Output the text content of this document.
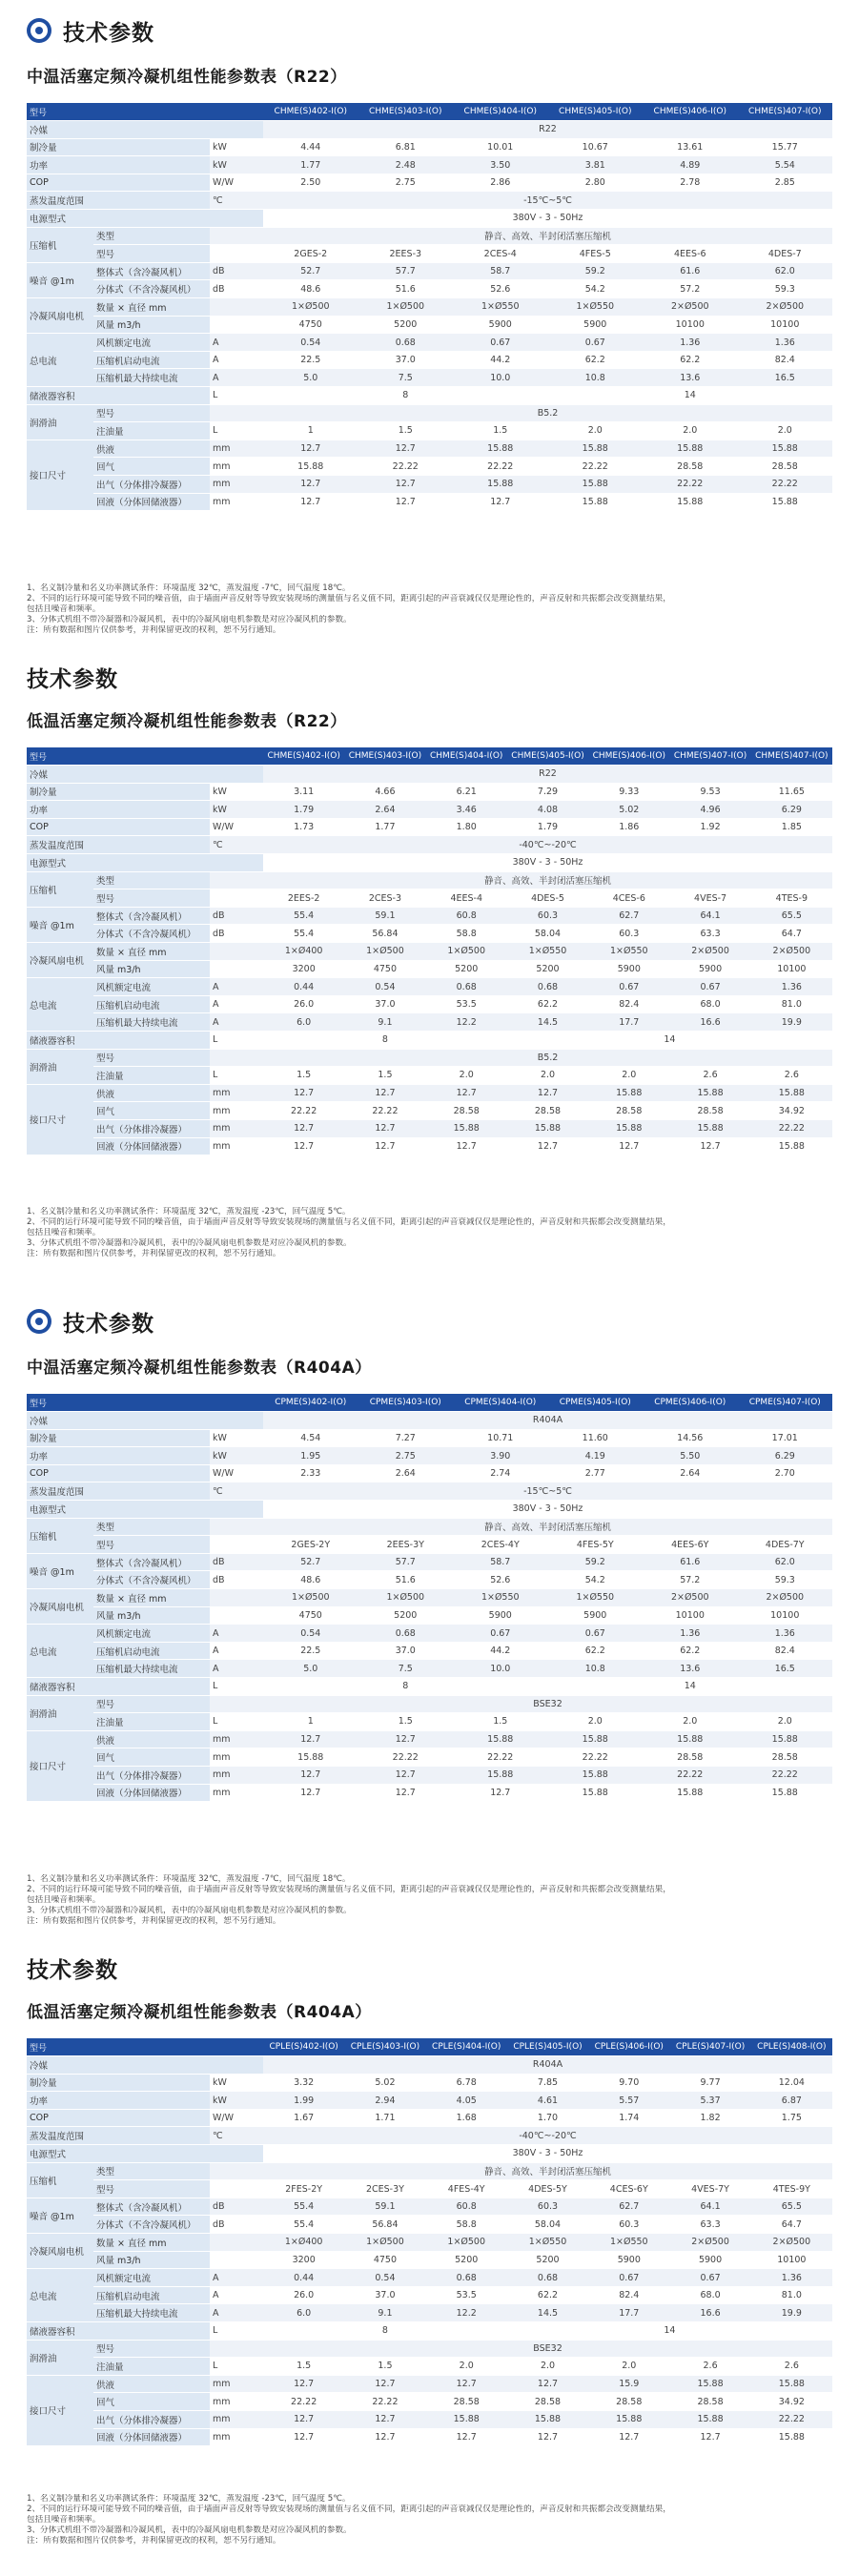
技术参数
中温活塞定频冷凝机组性能参数表（R22）
型号			CHME(S)402-I(O)	CHME(S)403-I(O)	CHME(S)404-I(O)	CHME(S)405-I(O)	CHME(S)406-I(O)	CHME(S)407-I(O)
冷媒			R22					
制冷量		kW	4.44	6.81	10.01	10.67	13.61	15.77
功率		kW	1.77	2.48	3.50	3.81	4.89	5.54
COP		W/W	2.50	2.75	2.86	2.80	2.78	2.85
蒸发温度范围		℃	-15℃~5℃					
电源型式			380V - 3 - 50Hz					
压缩机	类型		静音、高效、半封闭活塞压缩机					
	型号		2GES-2	2EES-3	2CES-4	4FES-5	4EES-6	4DES-7
噪音 @1m	整体式（含冷凝风机）	dB	52.7	57.7	58.7	59.2	61.6	62.0
	分体式（不含冷凝风机）	dB	48.6	51.6	52.6	54.2	57.2	59.3
冷凝风扇电机	数量 × 直径 mm		1×Ø500	1×Ø500	1×Ø550	1×Ø550	2×Ø500	2×Ø500
	风量 m3/h		4750	5200	5900	5900	10100	10100
总电流	风机额定电流	A	0.54	0.68	0.67	0.67	1.36	1.36
	压缩机启动电流	A	22.5	37.0	44.2	62.2	62.2	82.4
	压缩机最大持续电流	A	5.0	7.5	10.0	10.8	13.6	16.5
储液器容积		L	8			14		
润滑油	型号		B5.2					
	注油量	L	1	1.5	1.5	2.0	2.0	2.0
接口尺寸	供液	mm	12.7	12.7	15.88	15.88	15.88	15.88
	回气	mm	15.88	22.22	22.22	22.22	28.58	28.58
	出气（分体排冷凝器）	mm	12.7	12.7	15.88	15.88	22.22	22.22
	回液（分体回储液器）	mm	12.7	12.7	12.7	15.88	15.88	15.88
1、名义制冷量和名义功率测试条件：环境温度 32℃，蒸发温度 -7℃，回气温度 18℃。
2、不同的运行环境可能导致不同的噪音值，由于墙面声音反射等导致安装现场的测量值与名义值不同，距离引起的声音衰减仅仅是理论性的，声音反射和共振都会改变测量结果，
包括且噪音和频率。
3、分体式机组不带冷凝器和冷凝风机，表中的冷凝风扇电机参数是对应冷凝风机的参数。
注：所有数据和图片仅供参考，并利保留更改的权利，恕不另行通知。
技术参数
低温活塞定频冷凝机组性能参数表（R22）
型号			CHME(S)402-I(O)	CHME(S)403-I(O)	CHME(S)404-I(O)	CHME(S)405-I(O)	CHME(S)406-I(O)	CHME(S)407-I(O)	CHME(S)407-I(O)
冷媒			R22						
制冷量		kW	3.11	4.66	6.21	7.29	9.33	9.53	11.65
功率		kW	1.79	2.64	3.46	4.08	5.02	4.96	6.29
COP		W/W	1.73	1.77	1.80	1.79	1.86	1.92	1.85
蒸发温度范围		℃	-40℃~-20℃						
电源型式			380V - 3 - 50Hz						
压缩机	类型		静音、高效、半封闭活塞压缩机						
	型号		2EES-2	2CES-3	4EES-4	4DES-5	4CES-6	4VES-7	4TES-9
噪音 @1m	整体式（含冷凝风机）	dB	55.4	59.1	60.8	60.3	62.7	64.1	65.5
	分体式（不含冷凝风机）	dB	55.4	56.84	58.8	58.04	60.3	63.3	64.7
冷凝风扇电机	数量 × 直径 mm		1×Ø400	1×Ø500	1×Ø500	1×Ø550	1×Ø550	2×Ø500	2×Ø500
	风量 m3/h		3200	4750	5200	5200	5900	5900	10100
总电流	风机额定电流	A	0.44	0.54	0.68	0.68	0.67	0.67	1.36
	压缩机启动电流	A	26.0	37.0	53.5	62.2	82.4	68.0	81.0
	压缩机最大持续电流	A	6.0	9.1	12.2	14.5	17.7	16.6	19.9
储液器容积		L	8			14			
润滑油	型号		B5.2						
	注油量	L	1.5	1.5	2.0	2.0	2.0	2.6	2.6
接口尺寸	供液	mm	12.7	12.7	12.7	12.7	15.88	15.88	15.88
	回气	mm	22.22	22.22	28.58	28.58	28.58	28.58	34.92
	出气（分体排冷凝器）	mm	12.7	12.7	15.88	15.88	15.88	15.88	22.22
	回液（分体回储液器）	mm	12.7	12.7	12.7	12.7	12.7	12.7	15.88
1、名义制冷量和名义功率测试条件：环境温度 32℃，蒸发温度 -23℃，回气温度 5℃。
2、不同的运行环境可能导致不同的噪音值，由于墙面声音反射等导致安装现场的测量值与名义值不同，距离引起的声音衰减仅仅是理论性的，声音反射和共振都会改变测量结果，
包括且噪音和频率。
3、分体式机组不带冷凝器和冷凝风机，表中的冷凝风扇电机参数是对应冷凝风机的参数。
注：所有数据和图片仅供参考，并利保留更改的权利，恕不另行通知。
技术参数
中温活塞定频冷凝机组性能参数表（R404A）
型号			CPME(S)402-I(O)	CPME(S)403-I(O)	CPME(S)404-I(O)	CPME(S)405-I(O)	CPME(S)406-I(O)	CPME(S)407-I(O)
冷媒			R404A					
制冷量		kW	4.54	7.27	10.71	11.60	14.56	17.01
功率		kW	1.95	2.75	3.90	4.19	5.50	6.29
COP		W/W	2.33	2.64	2.74	2.77	2.64	2.70
蒸发温度范围		℃	-15℃~5℃					
电源型式			380V - 3 - 50Hz					
压缩机	类型		静音、高效、半封闭活塞压缩机					
	型号		2GES-2Y	2EES-3Y	2CES-4Y	4FES-5Y	4EES-6Y	4DES-7Y
噪音 @1m	整体式（含冷凝风机）	dB	52.7	57.7	58.7	59.2	61.6	62.0
	分体式（不含冷凝风机）	dB	48.6	51.6	52.6	54.2	57.2	59.3
冷凝风扇电机	数量 × 直径 mm		1×Ø500	1×Ø500	1×Ø550	1×Ø550	2×Ø500	2×Ø500
	风量 m3/h		4750	5200	5900	5900	10100	10100
总电流	风机额定电流	A	0.54	0.68	0.67	0.67	1.36	1.36
	压缩机启动电流	A	22.5	37.0	44.2	62.2	62.2	82.4
	压缩机最大持续电流	A	5.0	7.5	10.0	10.8	13.6	16.5
储液器容积		L	8			14		
润滑油	型号		BSE32					
	注油量	L	1	1.5	1.5	2.0	2.0	2.0
接口尺寸	供液	mm	12.7	12.7	15.88	15.88	15.88	15.88
	回气	mm	15.88	22.22	22.22	22.22	28.58	28.58
	出气（分体排冷凝器）	mm	12.7	12.7	15.88	15.88	22.22	22.22
	回液（分体回储液器）	mm	12.7	12.7	12.7	15.88	15.88	15.88
1、名义制冷量和名义功率测试条件：环境温度 32℃，蒸发温度 -7℃，回气温度 18℃。
2、不同的运行环境可能导致不同的噪音值，由于墙面声音反射等导致安装现场的测量值与名义值不同，距离引起的声音衰减仅仅是理论性的，声音反射和共振都会改变测量结果，
包括且噪音和频率。
3、分体式机组不带冷凝器和冷凝风机，表中的冷凝风扇电机参数是对应冷凝风机的参数。
注：所有数据和图片仅供参考，并利保留更改的权利，恕不另行通知。
技术参数
低温活塞定频冷凝机组性能参数表（R404A）
型号			CPLE(S)402-I(O)	CPLE(S)403-I(O)	CPLE(S)404-I(O)	CPLE(S)405-I(O)	CPLE(S)406-I(O)	CPLE(S)407-I(O)	CPLE(S)408-I(O)
冷媒			R404A						
制冷量		kW	3.32	5.02	6.78	7.85	9.70	9.77	12.04
功率		kW	1.99	2.94	4.05	4.61	5.57	5.37	6.87
COP		W/W	1.67	1.71	1.68	1.70	1.74	1.82	1.75
蒸发温度范围		℃	-40℃~-20℃						
电源型式			380V - 3 - 50Hz						
压缩机	类型		静音、高效、半封闭活塞压缩机						
	型号		2FES-2Y	2CES-3Y	4FES-4Y	4DES-5Y	4CES-6Y	4VES-7Y	4TES-9Y
噪音 @1m	整体式（含冷凝风机）	dB	55.4	59.1	60.8	60.3	62.7	64.1	65.5
	分体式（不含冷凝风机）	dB	55.4	56.84	58.8	58.04	60.3	63.3	64.7
冷凝风扇电机	数量 × 直径 mm		1×Ø400	1×Ø500	1×Ø500	1×Ø550	1×Ø550	2×Ø500	2×Ø500
	风量 m3/h		3200	4750	5200	5200	5900	5900	10100
总电流	风机额定电流	A	0.44	0.54	0.68	0.68	0.67	0.67	1.36
	压缩机启动电流	A	26.0	37.0	53.5	62.2	82.4	68.0	81.0
	压缩机最大持续电流	A	6.0	9.1	12.2	14.5	17.7	16.6	19.9
储液器容积		L	8			14			
润滑油	型号		BSE32						
	注油量	L	1.5	1.5	2.0	2.0	2.0	2.6	2.6
接口尺寸	供液	mm	12.7	12.7	12.7	12.7	15.9	15.88	15.88
	回气	mm	22.22	22.22	28.58	28.58	28.58	28.58	34.92
	出气（分体排冷凝器）	mm	12.7	12.7	15.88	15.88	15.88	15.88	22.22
	回液（分体回储液器）	mm	12.7	12.7	12.7	12.7	12.7	12.7	15.88
1、名义制冷量和名义功率测试条件：环境温度 32℃，蒸发温度 -23℃，回气温度 5℃。
2、不同的运行环境可能导致不同的噪音值，由于墙面声音反射等导致安装现场的测量值与名义值不同，距离引起的声音衰减仅仅是理论性的，声音反射和共振都会改变测量结果，
包括且噪音和频率。
3、分体式机组不带冷凝器和冷凝风机，表中的冷凝风扇电机参数是对应冷凝风机的参数。
注：所有数据和图片仅供参考，并利保留更改的权利，恕不另行通知。
